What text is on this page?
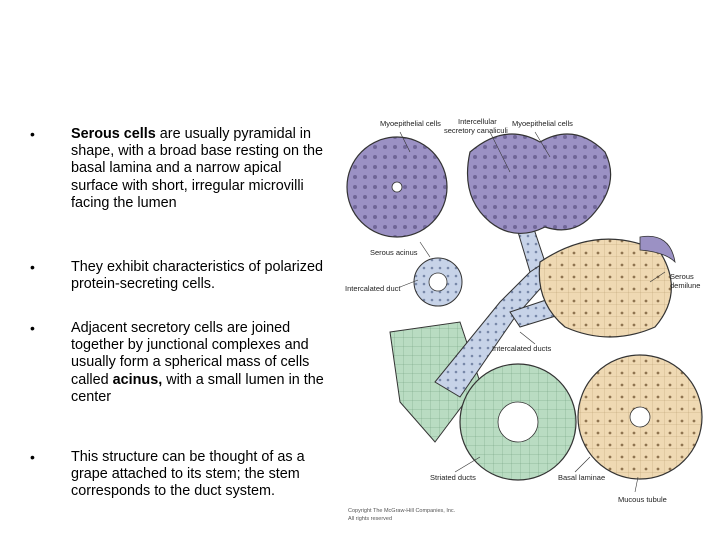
•	Serous cells are usually pyramidal in shape, with a broad base resting on the basal lamina and a narrow apical surface with short, irregular microvilli facing the lumen
•	They exhibit characteristics of polarized protein-secreting cells.
•	Adjacent secretory cells are joined together by junctional complexes and usually form a spherical mass of cells called acinus, with a small lumen in the center
•	This structure can be thought of as a grape attached to its stem; the stem corresponds to the duct system.
Myoepithelial cells Intercellular
secretory canaliculi
Myoepithelial cells
Serous acinus
Intercalated duct
Serous
demilune
Intercalated ducts
Striated ducts	Basal laminae
Mucous tubule
Copyright The McGraw-Hill Companies, Inc.
All rights reserved
